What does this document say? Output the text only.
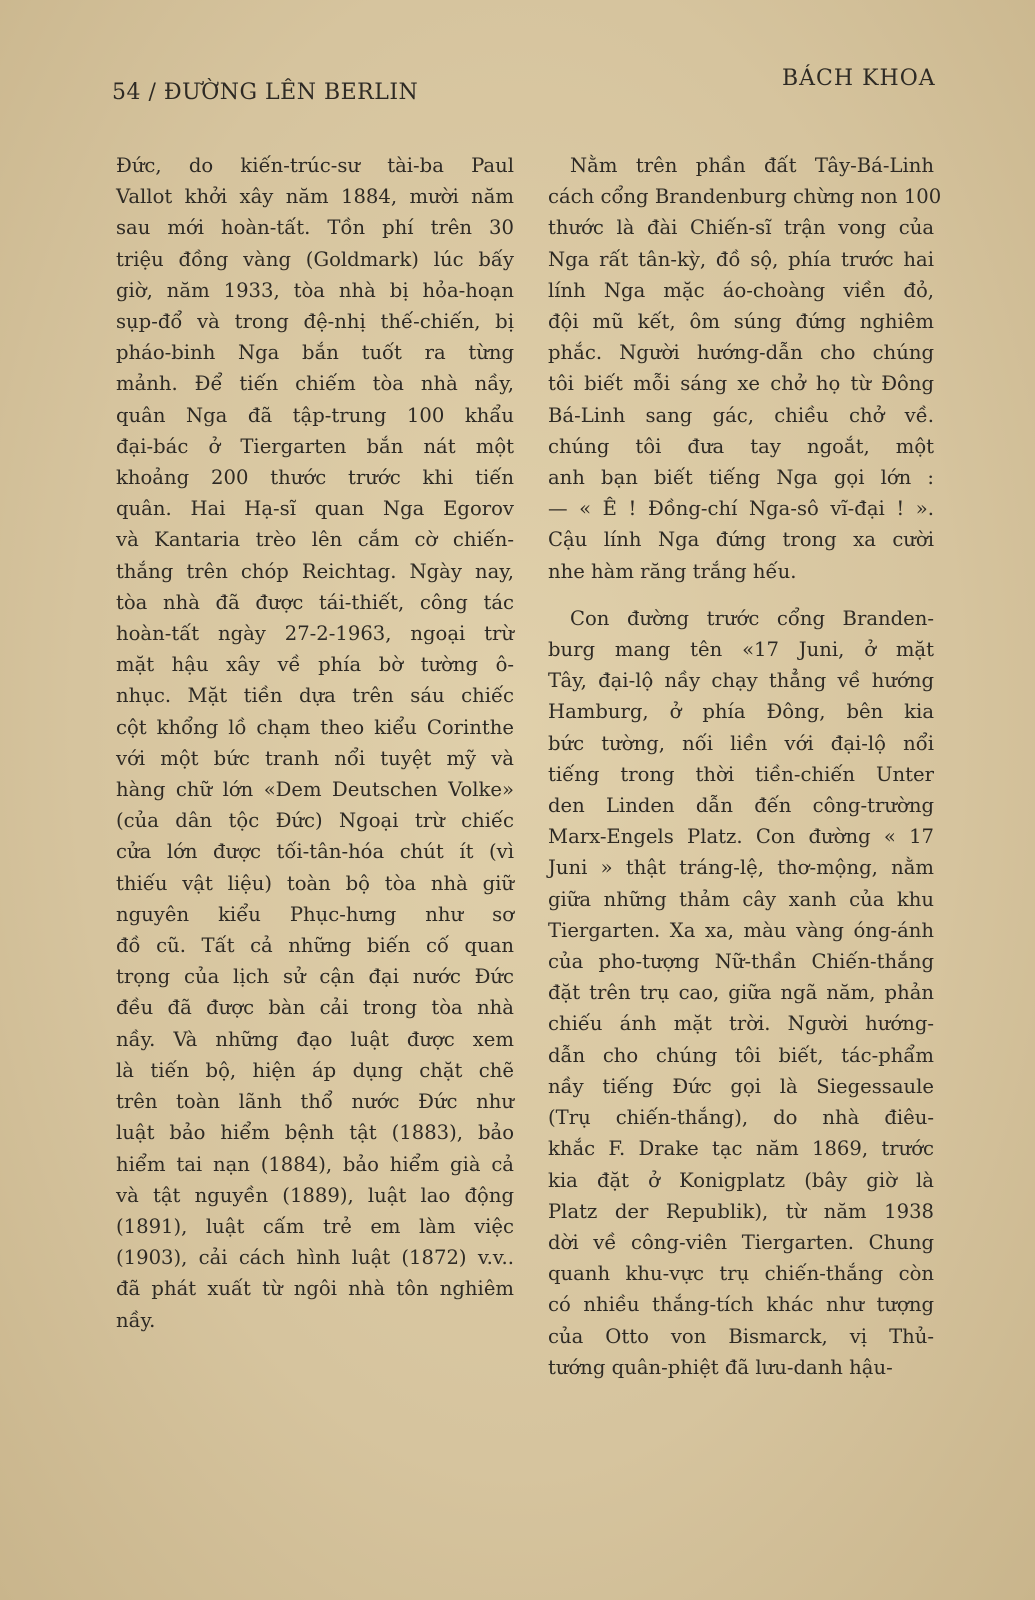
54 / ĐƯỜNG LÊN BERLIN
BÁCH KHOA
Đức, do kiến-trúc-sư tài-ba Paul
Vallot khởi xây năm 1884, mười năm
sau mới hoàn-tất. Tồn phí trên 30
triệu đồng vàng (Goldmark) lúc bấy
giờ, năm 1933, tòa nhà bị hỏa-hoạn
sụp-đổ và trong đệ-nhị thế-chiến, bị
pháo-binh Nga bắn tuốt ra từng
mảnh. Để tiến chiếm tòa nhà nầy,
quân Nga đã tập-trung 100 khẩu
đại-bác ở Tiergarten bắn nát một
khoảng 200 thước trước khi tiến
quân. Hai Hạ-sĩ quan Nga Egorov
và Kantaria trèo lên cắm cờ chiến-
thắng trên chóp Reichtag. Ngày nay,
tòa nhà đã được tái-thiết, công tác
hoàn-tất ngày 27-2-1963, ngoại trừ
mặt hậu xây về phía bờ tường ô-
nhục. Mặt tiền dựa trên sáu chiếc
cột khổng lồ chạm theo kiểu Corinthe
với một bức tranh nổi tuyệt mỹ và
hàng chữ lớn «Dem Deutschen Volke»
(của dân tộc Đức) Ngoại trừ chiếc
cửa lớn được tối-tân-hóa chút ít (vì
thiếu vật liệu) toàn bộ tòa nhà giữ
nguyên kiểu Phục-hưng như sơ
đồ cũ. Tất cả những biến cố quan
trọng của lịch sử cận đại nước Đức
đều đã được bàn cải trong tòa nhà
nầy. Và những đạo luật được xem
là tiến bộ, hiện áp dụng chặt chẽ
trên toàn lãnh thổ nước Đức như
luật bảo hiểm bệnh tật (1883), bảo
hiểm tai nạn (1884), bảo hiểm già cả
và tật nguyền (1889), luật lao động
(1891), luật cấm trẻ em làm việc
(1903), cải cách hình luật (1872) v.v..
đã phát xuất từ ngôi nhà tôn nghiêm
nầy.
Nằm trên phần đất Tây-Bá-Linh
cách cổng Brandenburg chừng non 100
thước là đài Chiến-sĩ trận vong của
Nga rất tân-kỳ, đồ sộ, phía trước hai
lính Nga mặc áo-choàng viền đỏ,
đội mũ kết, ôm súng đứng nghiêm
phắc. Người hướng-dẫn cho chúng
tôi biết mỗi sáng xe chở họ từ Đông
Bá-Linh sang gác, chiều chở về.
chúng tôi đưa tay ngoắt, một
anh bạn biết tiếng Nga gọi lớn :
— « Ê ! Đồng-chí Nga-sô vĩ-đại ! ».
Cậu lính Nga đứng trong xa cười
nhe hàm răng trắng hếu.
Con đường trước cổng Branden-
burg mang tên «17 Juni, ở mặt
Tây, đại-lộ nầy chạy thẳng về hướng
Hamburg, ở phía Đông, bên kia
bức tường, nối liền với đại-lộ nổi
tiếng trong thời tiền-chiến Unter
den Linden dẫn đến công-trường
Marx-Engels Platz. Con đường « 17
Juni » thật tráng-lệ, thơ-mộng, nằm
giữa những thảm cây xanh của khu
Tiergarten. Xa xa, màu vàng óng-ánh
của pho-tượng Nữ-thần Chiến-thắng
đặt trên trụ cao, giữa ngã năm, phản
chiếu ánh mặt trời. Người hướng-
dẫn cho chúng tôi biết, tác-phẩm
nầy tiếng Đức gọi là Siegessaule
(Trụ chiến-thắng), do nhà điêu-
khắc F. Drake tạc năm 1869, trước
kia đặt ở Konigplatz (bây giờ là
Platz der Republik), từ năm 1938
dời về công-viên Tiergarten. Chung
quanh khu-vực trụ chiến-thắng còn
có nhiều thắng-tích khác như tượng
của Otto von Bismarck, vị Thủ-
tướng quân-phiệt đã lưu-danh hậu-
